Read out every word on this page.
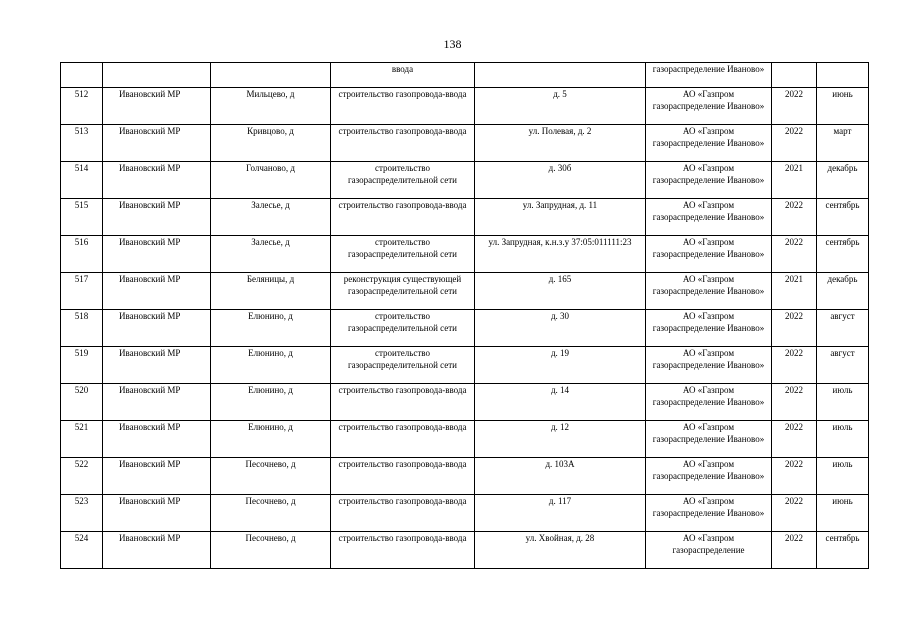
138
			ввода		газораспределение Иваново»		
512	Ивановский МР	Мильцево, д	строительство газопровода-ввода	д. 5	АО «Газпром газораспределение Иваново»	2022	июнь
513	Ивановский МР	Кривцово, д	строительство газопровода-ввода	ул. Полевая, д. 2	АО «Газпром газораспределение Иваново»	2022	март
514	Ивановский МР	Голчаново, д	строительство газораспределительной сети	д. 30б	АО «Газпром газораспределение Иваново»	2021	декабрь
515	Ивановский МР	Залесье, д	строительство газопровода-ввода	ул. Запрудная, д. 11	АО «Газпром газораспределение Иваново»	2022	сентябрь
516	Ивановский МР	Залесье, д	строительство газораспределительной сети	ул. Запрудная, к.н.з.у 37:05:011111:23	АО «Газпром газораспределение Иваново»	2022	сентябрь
517	Ивановский МР	Беляницы, д	реконструкция существующей газораспределительной сети	д. 165	АО «Газпром газораспределение Иваново»	2021	декабрь
518	Ивановский МР	Елюнино, д	строительство газораспределительной сети	д. 30	АО «Газпром газораспределение Иваново»	2022	август
519	Ивановский МР	Елюнино, д	строительство газораспределительной сети	д. 19	АО «Газпром газораспределение Иваново»	2022	август
520	Ивановский МР	Елюнино, д	строительство газопровода-ввода	д. 14	АО «Газпром газораспределение Иваново»	2022	июль
521	Ивановский МР	Елюнино, д	строительство газопровода-ввода	д. 12	АО «Газпром газораспределение Иваново»	2022	июль
522	Ивановский МР	Песочнево, д	строительство газопровода-ввода	д. 103А	АО «Газпром газораспределение Иваново»	2022	июль
523	Ивановский МР	Песочнево, д	строительство газопровода-ввода	д. 117	АО «Газпром газораспределение Иваново»	2022	июнь
524	Ивановский МР	Песочнево, д	строительство газопровода-ввода	ул. Хвойная, д. 28	АО «Газпром газораспределение	2022	сентябрь
